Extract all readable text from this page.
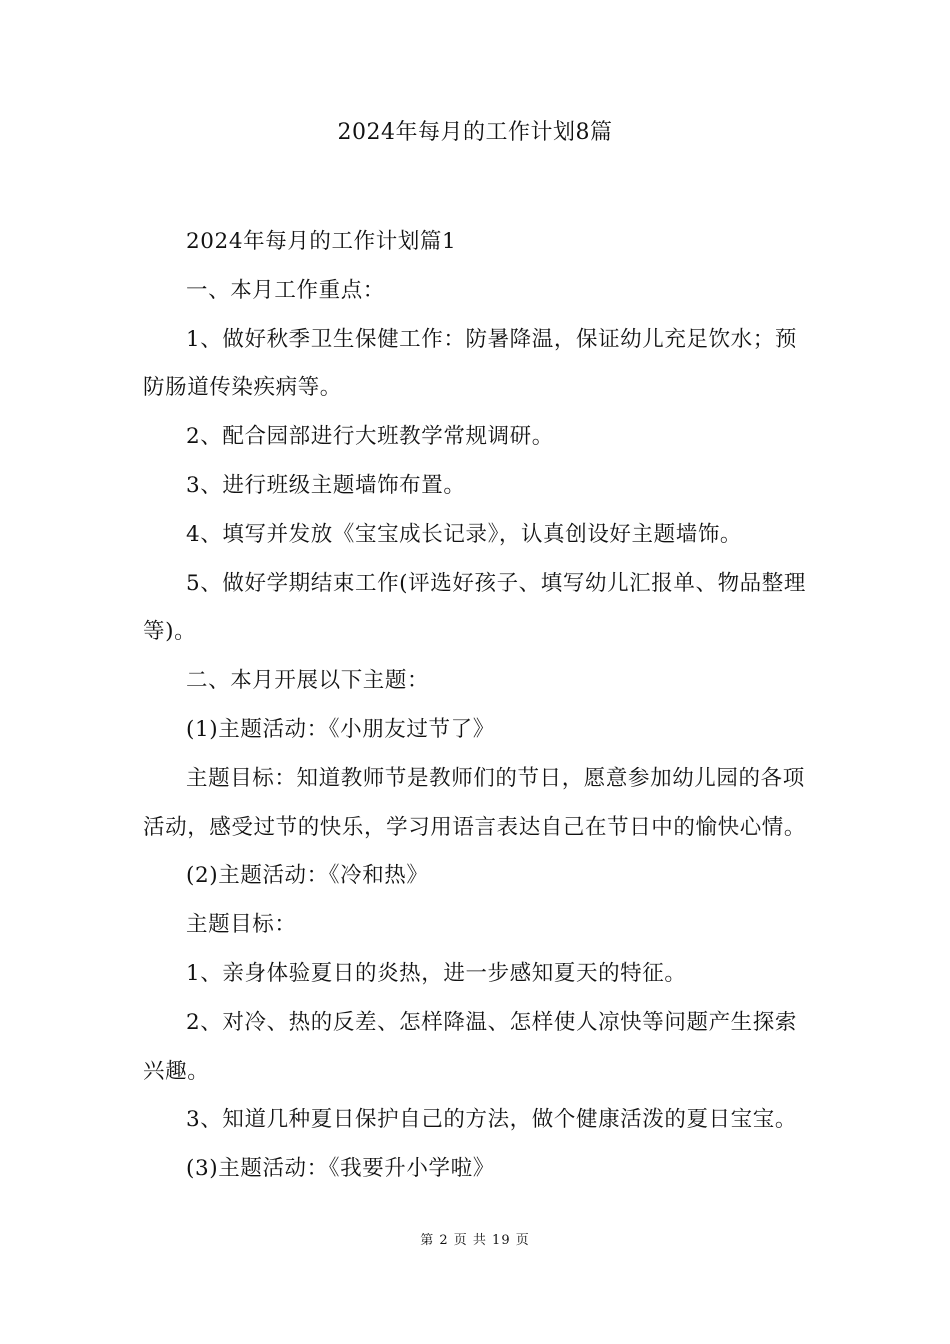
2024年每月的工作计划8篇

2024年每月的工作计划篇1

一、本月工作重点：

1、做好秋季卫生保健工作：防暑降温，保证幼儿充足饮水；预防肠道传染疾病等。

2、配合园部进行大班教学常规调研。

3、进行班级主题墙饰布置。

4、填写并发放《宝宝成长记录》，认真创设好主题墙饰。

5、做好学期结束工作(评选好孩子、填写幼儿汇报单、物品整理等)。

二、本月开展以下主题：

(1)主题活动：《小朋友过节了》

主题目标：知道教师节是教师们的节日，愿意参加幼儿园的各项活动，感受过节的快乐，学习用语言表达自己在节日中的愉快心情。

(2)主题活动：《冷和热》

主题目标：

1、亲身体验夏日的炎热，进一步感知夏天的特征。

2、对冷、热的反差、怎样降温、怎样使人凉快等问题产生探索兴趣。

3、知道几种夏日保护自己的方法，做个健康活泼的夏日宝宝。

(3)主题活动：《我要升小学啦》

第 2 页 共 19 页
